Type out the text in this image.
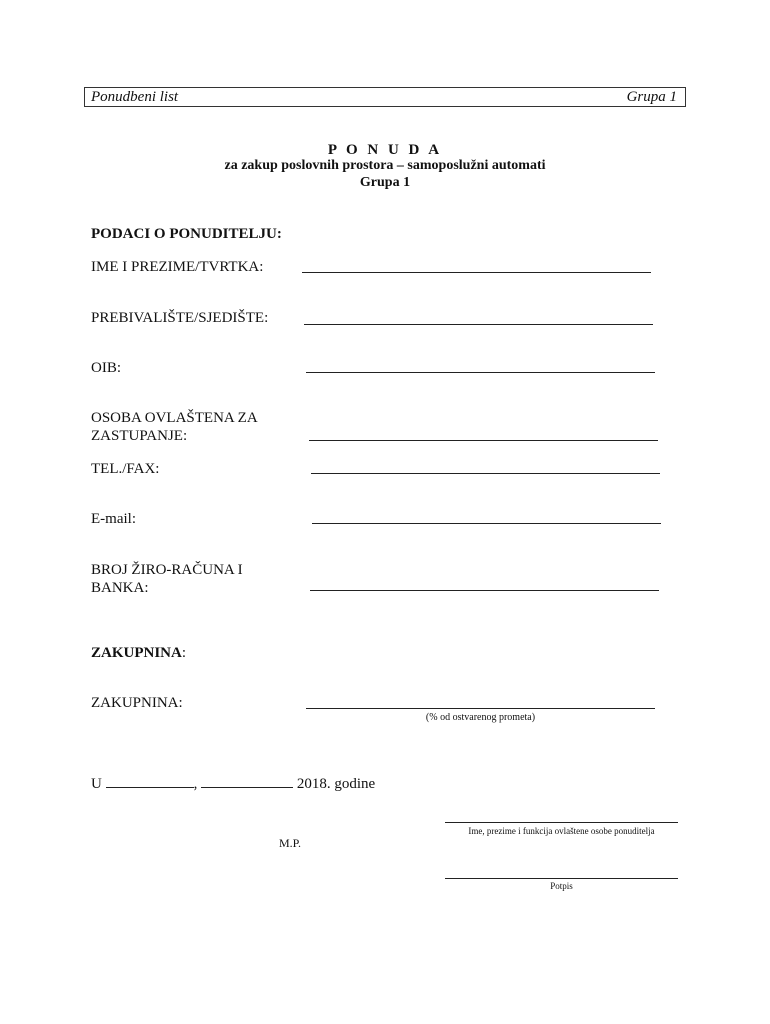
Ponudbeni list	Grupa 1
P O N U D A
za zakup poslovnih prostora – samoposlužni automati
Grupa 1
PODACI O PONUDITELJU:
IME I PREZIME/TVRTKA:
PREBIVALIŠTE/SJEDIŠTE:
OIB:
OSOBA OVLAŠTENA ZA
ZASTUPANJE:
TEL./FAX:
E-mail:
BROJ ŽIRO-RAČUNA I
BANKA:
ZAKUPNINA:
ZAKUPNINA:
(% od ostvarenog prometa)
U	,	2018. godine
Ime, prezime i funkcija ovlaštene osobe ponuditelja
M.P.
Potpis
